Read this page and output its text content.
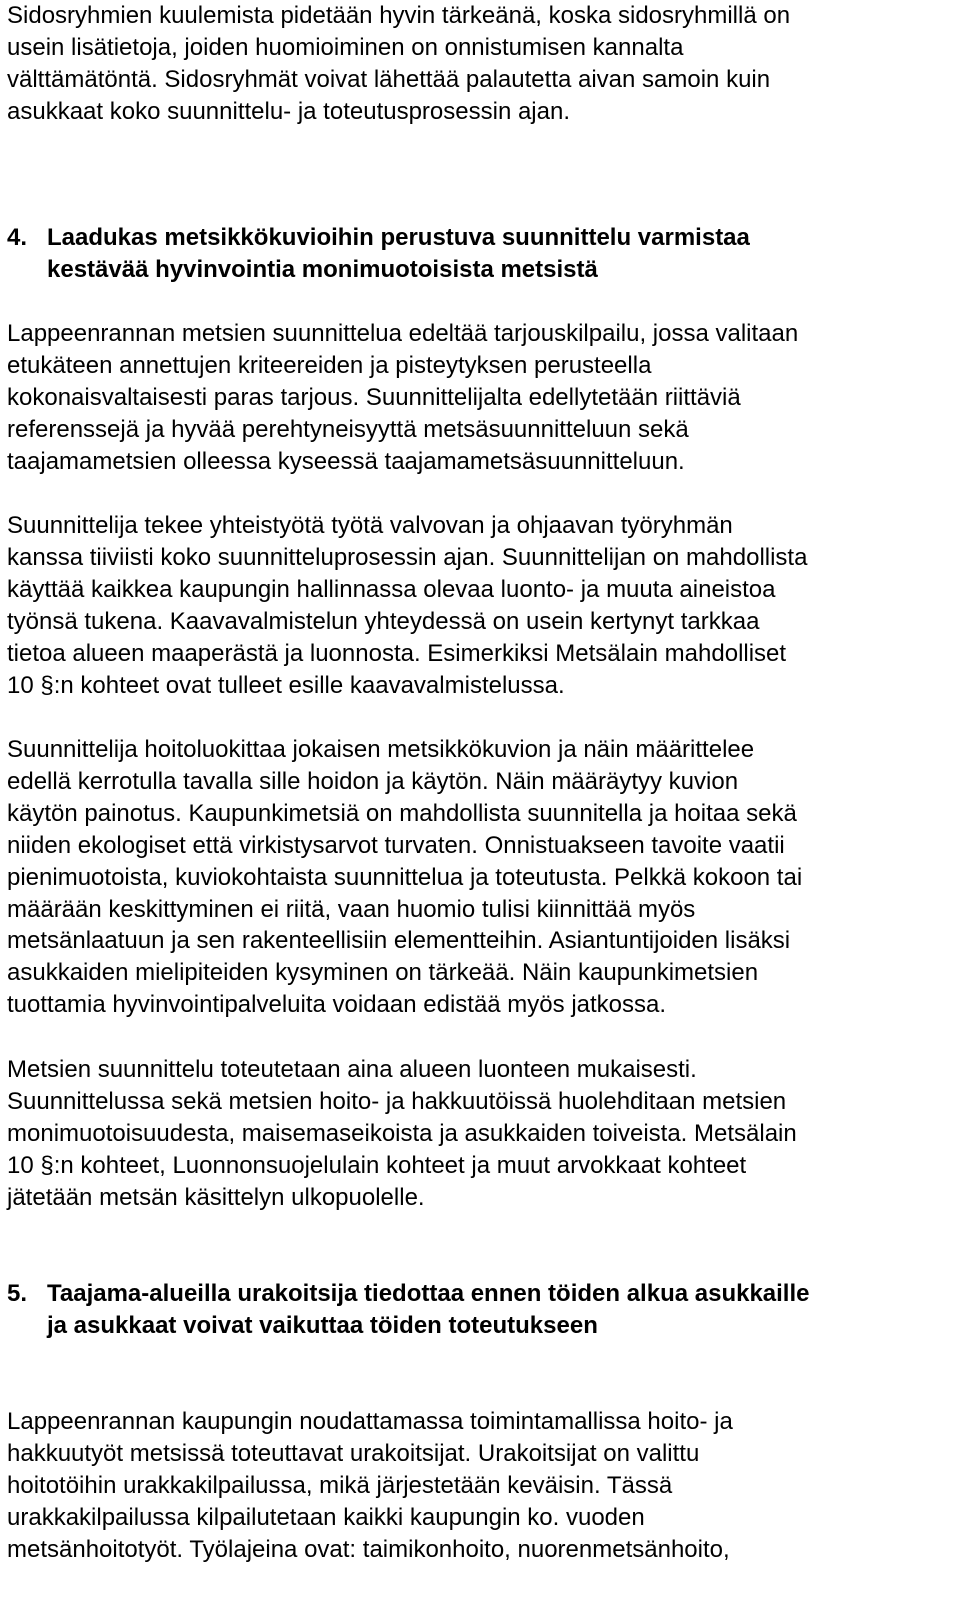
Sidosryhmien kuulemista pidetään hyvin tärkeänä, koska sidosryhmillä on
usein lisätietoja, joiden huomioiminen on onnistumisen kannalta
välttämätöntä. Sidosryhmät voivat lähettää palautetta aivan samoin kuin
asukkaat koko suunnittelu- ja toteutusprosessin ajan.
4. Laadukas metsikkökuvioihin perustuva suunnittelu varmistaa
kestävää hyvinvointia monimuotoisista metsistä
Lappeenrannan metsien suunnittelua edeltää tarjouskilpailu, jossa valitaan
etukäteen annettujen kriteereiden ja pisteytyksen perusteella
kokonaisvaltaisesti paras tarjous. Suunnittelijalta edellytetään riittäviä
referenssejä ja hyvää perehtyneisyyttä metsäsuunnitteluun sekä
taajamametsien olleessa kyseessä taajamametsäsuunnitteluun.
Suunnittelija tekee yhteistyötä työtä valvovan ja ohjaavan työryhmän
kanssa tiiviisti koko suunnitteluprosessin ajan. Suunnittelijan on mahdollista
käyttää kaikkea kaupungin hallinnassa olevaa luonto- ja muuta aineistoa
työnsä tukena. Kaavavalmistelun yhteydessä on usein kertynyt tarkkaa
tietoa alueen maaperästä ja luonnosta. Esimerkiksi Metsälain mahdolliset
10 §:n kohteet ovat tulleet esille kaavavalmistelussa.
Suunnittelija hoitoluokittaa jokaisen metsikkökuvion ja näin määrittelee
edellä kerrotulla tavalla sille hoidon ja käytön. Näin määräytyy kuvion
käytön painotus. Kaupunkimetsiä on mahdollista suunnitella ja hoitaa sekä
niiden ekologiset että virkistysarvot turvaten. Onnistuakseen tavoite vaatii
pienimuotoista, kuviokohtaista suunnittelua ja toteutusta. Pelkkä kokoon tai
määrään keskittyminen ei riitä, vaan huomio tulisi kiinnittää myös
metsänlaatuun ja sen rakenteellisiin elementteihin. Asiantuntijoiden lisäksi
asukkaiden mielipiteiden kysyminen on tärkeää. Näin kaupunkimetsien
tuottamia hyvinvointipalveluita voidaan edistää myös jatkossa.
Metsien suunnittelu toteutetaan aina alueen luonteen mukaisesti.
Suunnittelussa sekä metsien hoito- ja hakkuutöissä huolehditaan metsien
monimuotoisuudesta, maisemaseikoista ja asukkaiden toiveista. Metsälain
10 §:n kohteet, Luonnonsuojelulain kohteet ja muut arvokkaat kohteet
jätetään metsän käsittelyn ulkopuolelle.
5. Taajama-alueilla urakoitsija tiedottaa ennen töiden alkua asukkaille
ja asukkaat voivat vaikuttaa töiden toteutukseen
Lappeenrannan kaupungin noudattamassa toimintamallissa hoito- ja
hakkuutyöt metsissä toteuttavat urakoitsijat. Urakoitsijat on valittu
hoitotöihin urakkakilpailussa, mikä järjestetään keväisin. Tässä
urakkakilpailussa kilpailutetaan kaikki kaupungin ko. vuoden
metsänhoitotyöt. Työlajeina ovat: taimikonhoito, nuorenmetsänhoito,
